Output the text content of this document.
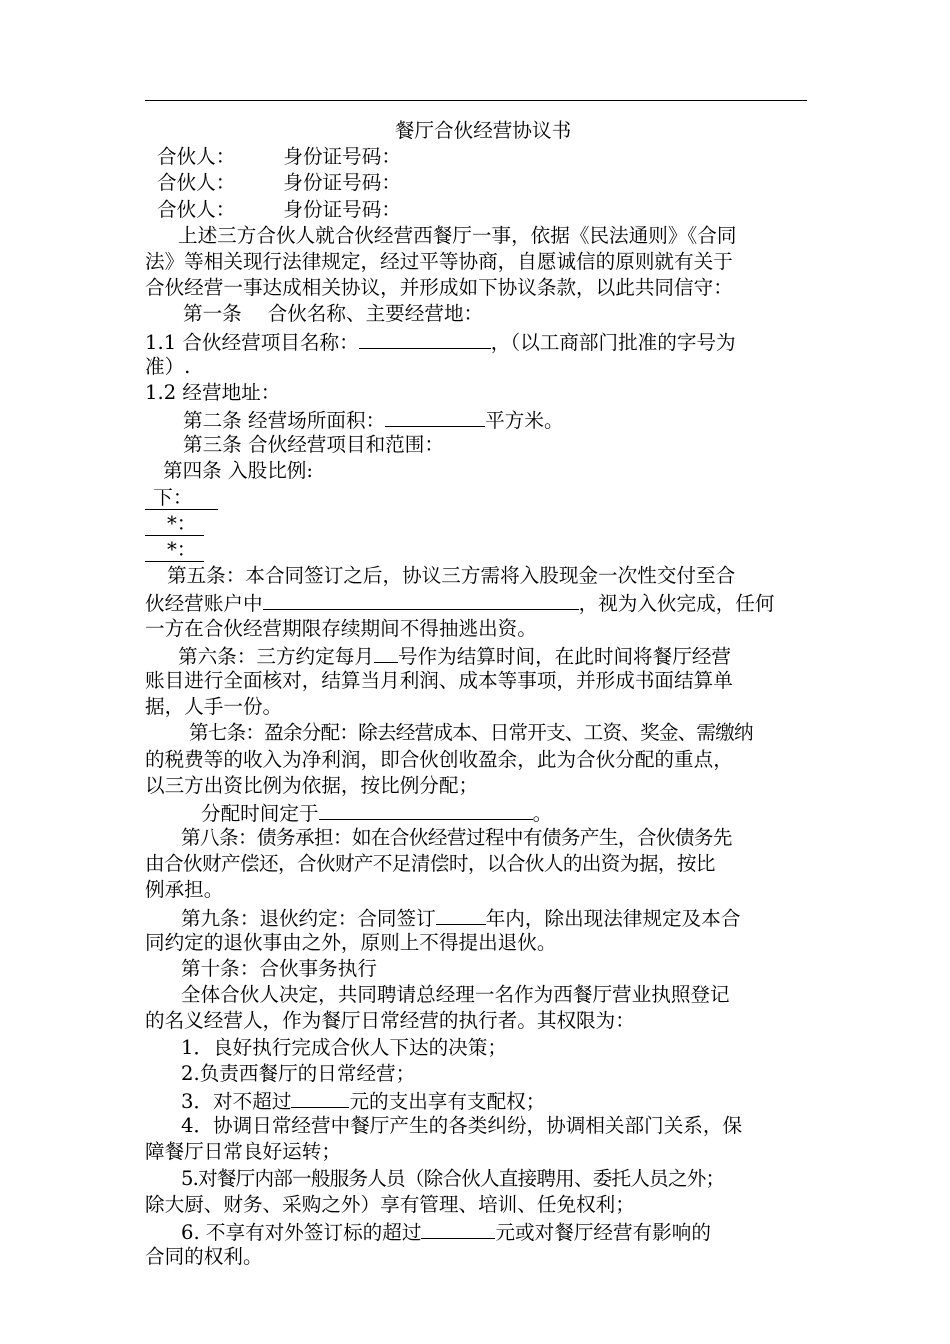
餐厅合伙经营协议书
合伙人： 身份证号码：
合伙人： 身份证号码：
合伙人： 身份证号码：
上述三方合伙人就合伙经营西餐厅一事，依据《民法通则》《合同
法》等相关现行法律规定，经过平等协商，自愿诚信的原则就有关于
合伙经营一事达成相关协议，并形成如下协议条款，以此共同信守：
第一条　 合伙名称、主要经营地：
1.1 合伙经营项目名称：	，（以工商部门批准的字号为
准）.
1.2 经营地址：
第二条 经营场所面积：	平方米。
第三条 合伙经营项目和范围：
第四条 入股比例:
下：
*：
*：
第五条：本合同签订之后，协议三方需将入股现金一次性交付至合
伙经营账户中	，视为入伙完成，任何
一方在合伙经营期限存续期间不得抽逃出资。
第六条：三方约定每月 号作为结算时间，在此时间将餐厅经营
账目进行全面核对，结算当月利润、成本等事项，并形成书面结算单
据，人手一份。
第七条：盈余分配：除去经营成本、日常开支、工资、奖金、需缴纳
的税费等的收入为净利润，即合伙创收盈余，此为合伙分配的重点，
以三方出资比例为依据，按比例分配；
分配时间定于	。
第八条：债务承担：如在合伙经营过程中有债务产生，合伙债务先
由合伙财产偿还，合伙财产不足清偿时，以合伙人的出资为据，按比
例承担。
第九条：退伙约定：合同签订	年内，除出现法律规定及本合
同约定的退伙事由之外，原则上不得提出退伙。
第十条：合伙事务执行
全体合伙人决定，共同聘请总经理一名作为西餐厅营业执照登记
的名义经营人，作为餐厅日常经营的执行者。其权限为：
1．良好执行完成合伙人下达的决策；
2.负责西餐厅的日常经营；
3．对不超过	元的支出享有支配权；
4．协调日常经营中餐厅产生的各类纠纷，协调相关部门关系，保
障餐厅日常良好运转；
5.对餐厅内部一般服务人员（除合伙人直接聘用、委托人员之外；
除大厨、财务、采购之外）享有管理、培训、任免权利；
6. 不享有对外签订标的超过	元或对餐厅经营有影响的
合同的权利。
